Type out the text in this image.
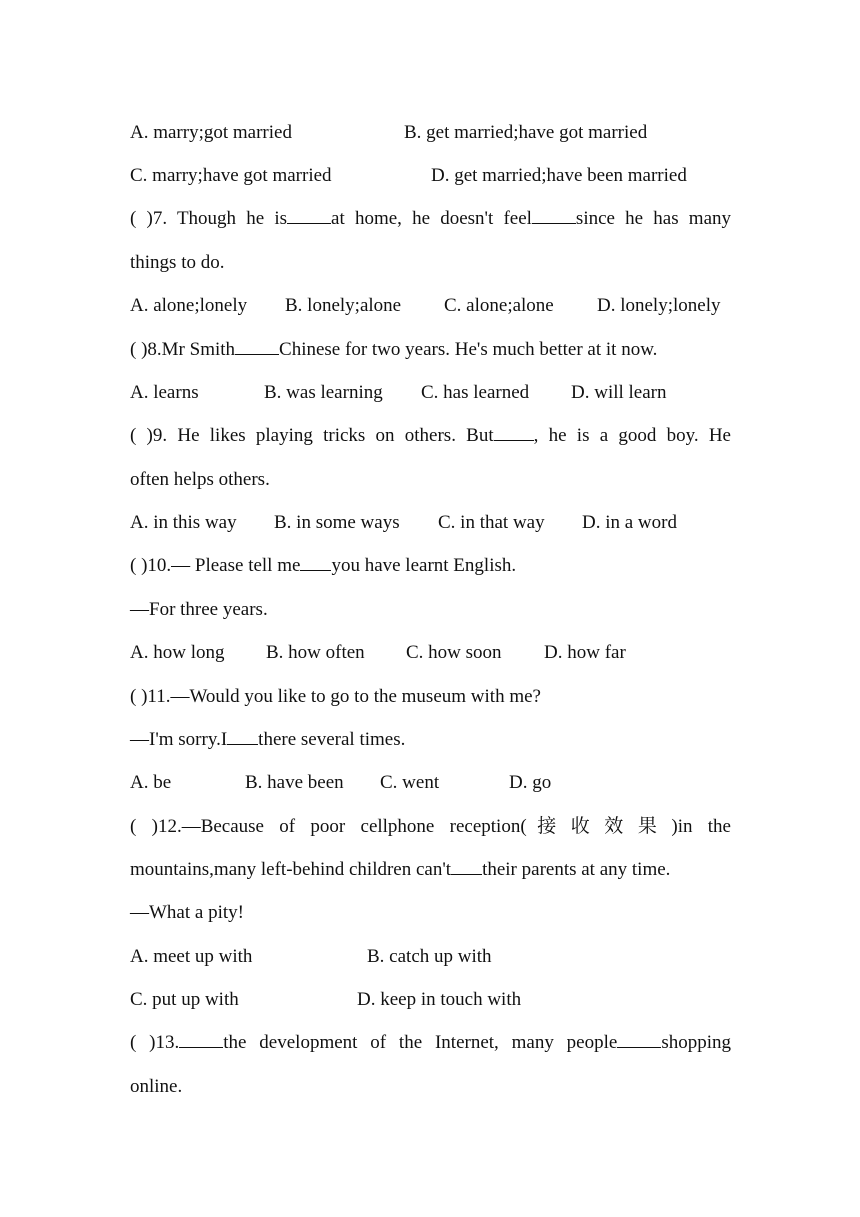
A. marry;got married	B. get married;have got married
C. marry;have got married	D. get married;have been married
( )7. Though he is at home, he doesn't feel since he has many
things to do.
A. alone;lonely B. lonely;alone C. alone;alone D. lonely;lonely
( )8.Mr Smith Chinese for two years. He's much better at it now.
A. learns	B. was learning C. has learned D. will learn
( )9. He likes playing tricks on others. But , he is a good boy. He
often helps others.
A. in this way B. in some ways C. in that way D. in a word
( )10.— Please tell me you have learnt English.
—For three years.
A. how long B. how often C. how soon D. how far
( )11.—Would you like to go to the museum with me?
—I'm sorry.I there several times.
A. be	B. have been C. went	D. go
( )12.—Because of poor cellphone reception(接收效果)in the
mountains,many left-behind children can't their parents at any time.
—What a pity!
A. meet up with	B. catch up with
C. put up with	D. keep in touch with
( )13. the development of the Internet, many people shopping
online.
